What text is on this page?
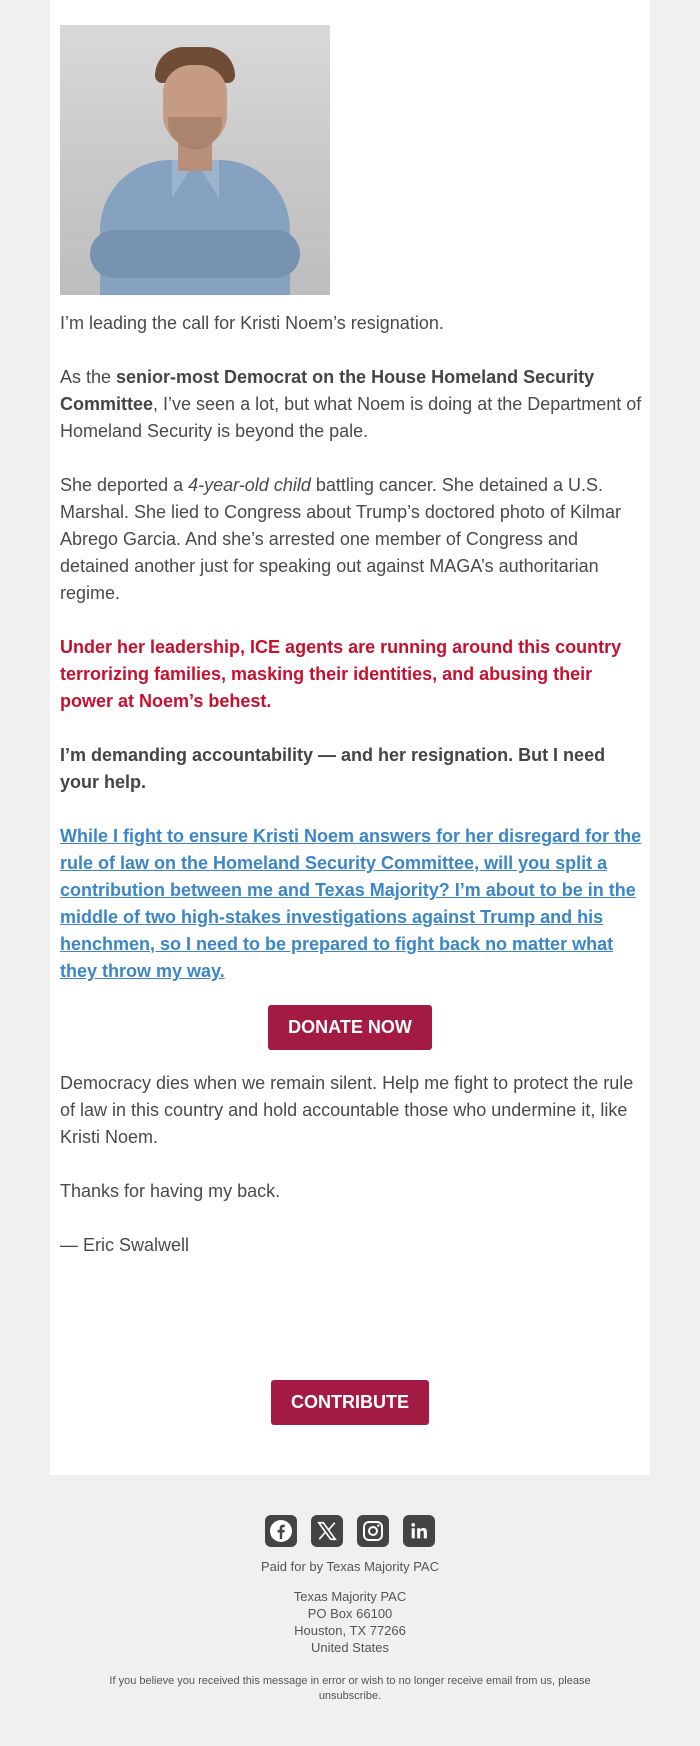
I’m leading the call for Kristi Noem’s resignation.

As the senior-most Democrat on the House Homeland Security Committee, I’ve seen a lot, but what Noem is doing at the Department of Homeland Security is beyond the pale.

She deported a 4-year-old child battling cancer. She detained a U.S. Marshal. She lied to Congress about Trump’s doctored photo of Kilmar Abrego Garcia. And she’s arrested one member of Congress and detained another just for speaking out against MAGA’s authoritarian regime.

Under her leadership, ICE agents are running around this country terrorizing families, masking their identities, and abusing their power at Noem’s behest.

I’m demanding accountability — and her resignation. But I need your help.

While I fight to ensure Kristi Noem answers for her disregard for the rule of law on the Homeland Security Committee, will you split a contribution between me and Texas Majority? I’m about to be in the middle of two high-stakes investigations against Trump and his henchmen, so I need to be prepared to fight back no matter what they throw my way.

DONATE NOW

Democracy dies when we remain silent. Help me fight to protect the rule of law in this country and hold accountable those who undermine it, like Kristi Noem.

Thanks for having my back.

— Eric Swalwell

CONTRIBUTE
Paid for by Texas Majority PAC
Texas Majority PAC
PO Box 66100
Houston, TX 77266
United States
If you believe you received this message in error or wish to no longer receive email from us, please unsubscribe.
